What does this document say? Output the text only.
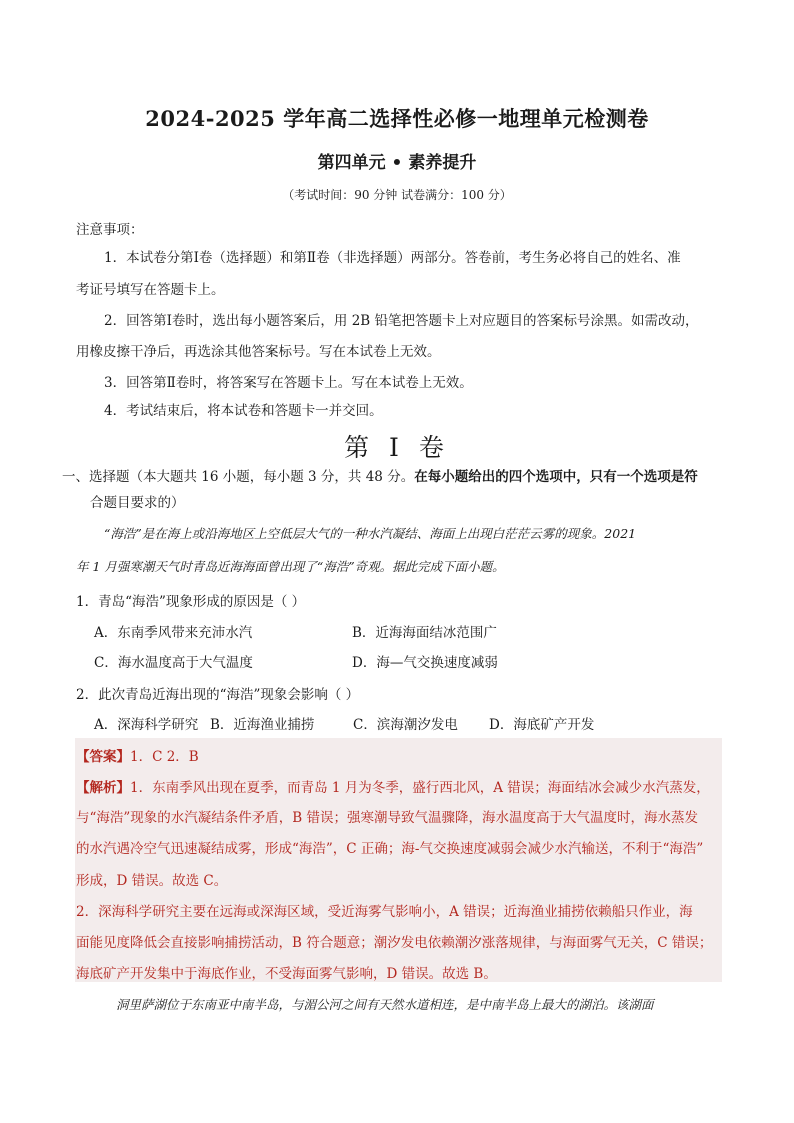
2024-2025 学年高二选择性必修一地理单元检测卷
第四单元 • 素养提升
（考试时间：90 分钟 试卷满分：100 分）
注意事项：
1．本试卷分第Ⅰ卷（选择题）和第Ⅱ卷（非选择题）两部分。答卷前，考生务必将自己的姓名、准
考证号填写在答题卡上。
2．回答第Ⅰ卷时，选出每小题答案后，用 2B 铅笔把答题卡上对应题目的答案标号涂黑。如需改动，
用橡皮擦干净后，再选涂其他答案标号。写在本试卷上无效。
3．回答第Ⅱ卷时，将答案写在答题卡上。写在本试卷上无效。
4．考试结束后，将本试卷和答题卡一并交回。
第 I 卷
一、选择题（本大题共 16 小题，每小题 3 分，共 48 分。在每小题给出的四个选项中，只有一个选项是符
合题目要求的）
“海浩”是在海上或沿海地区上空低层大气的一种水汽凝结、海面上出现白茫茫云雾的现象。2021
年 1 月强寒潮天气时青岛近海海面曾出现了“海浩”奇观。据此完成下面小题。
1．青岛“海浩”现象形成的原因是（ ）
A．东南季风带来充沛水汽	B．近海海面结冰范围广
C．海水温度高于大气温度	D．海—气交换速度减弱
2．此次青岛近海出现的“海浩”现象会影响（ ）
A．深海科学研究 B．近海渔业捕捞	C．滨海潮汐发电 D．海底矿产开发
【答案】1．C 2．B
【解析】1．东南季风出现在夏季，而青岛 1 月为冬季，盛行西北风，A 错误；海面结冰会减少水汽蒸发，
与“海浩”现象的水汽凝结条件矛盾，B 错误；强寒潮导致气温骤降，海水温度高于大气温度时，海水蒸发
的水汽遇冷空气迅速凝结成雾，形成“海浩”，C 正确；海-气交换速度减弱会减少水汽输送，不利于“海浩”
形成，D 错误。故选 C。
2．深海科学研究主要在远海或深海区域，受近海雾气影响小，A 错误；近海渔业捕捞依赖船只作业，海
面能见度降低会直接影响捕捞活动，B 符合题意；潮汐发电依赖潮汐涨落规律，与海面雾气无关，C 错误；
海底矿产开发集中于海底作业，不受海面雾气影响，D 错误。故选 B。
洞里萨湖位于东南亚中南半岛，与湄公河之间有天然水道相连，是中南半岛上最大的湖泊。该湖面
